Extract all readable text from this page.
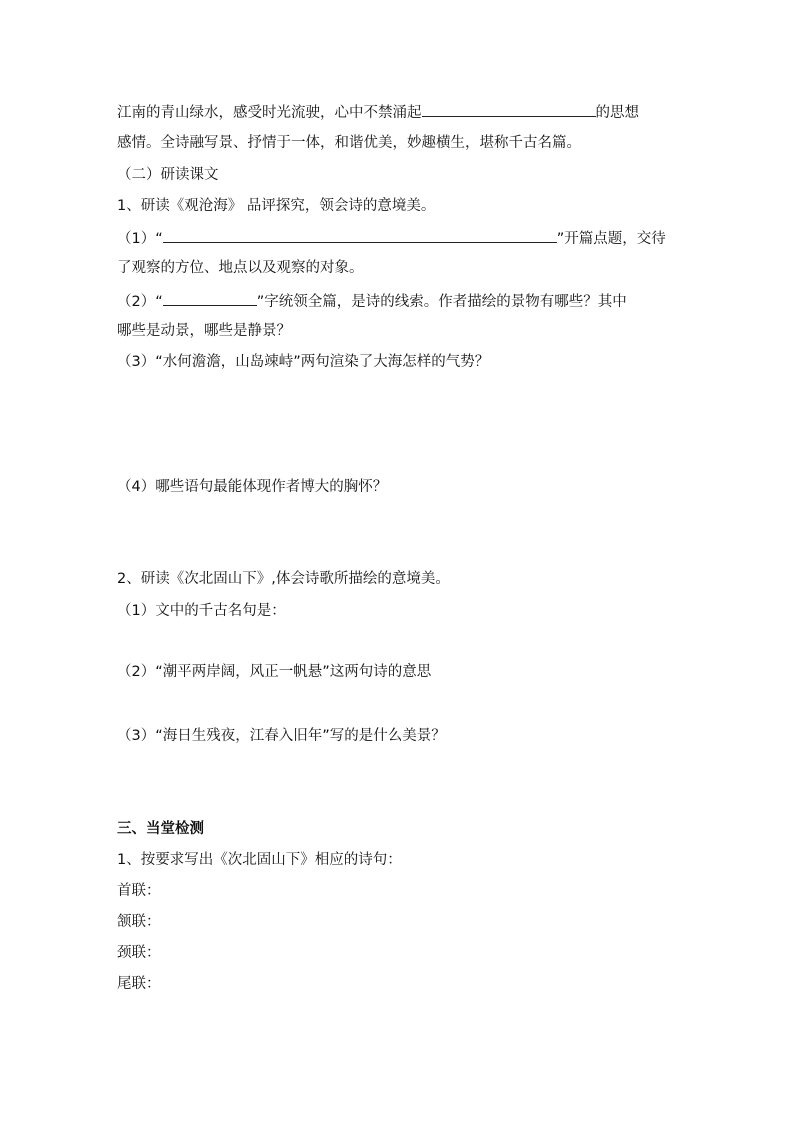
江南的青山绿水，感受时光流驶，心中不禁涌起	的思想
感情。全诗融写景、抒情于一体，和谐优美，妙趣横生，堪称千古名篇。
（二）研读课文
1、研读《观沧海》 品评探究，领会诗的意境美。
（1）“	”开篇点题，交待
了观察的方位、地点以及观察的对象。
（2）“	”字统领全篇，是诗的线索。作者描绘的景物有哪些？其中
哪些是动景，哪些是静景？
（3）“水何澹澹，山岛竦峙”两句渲染了大海怎样的气势？
（4）哪些语句最能体现作者博大的胸怀？
2、研读《次北固山下》,体会诗歌所描绘的意境美。
（1）文中的千古名句是：
（2）“潮平两岸阔，风正一帆悬”这两句诗的意思
（3）“海日生残夜，江春入旧年”写的是什么美景？
三、当堂检测
1、按要求写出《次北固山下》相应的诗句：
首联：
颔联：
颈联：
尾联：
